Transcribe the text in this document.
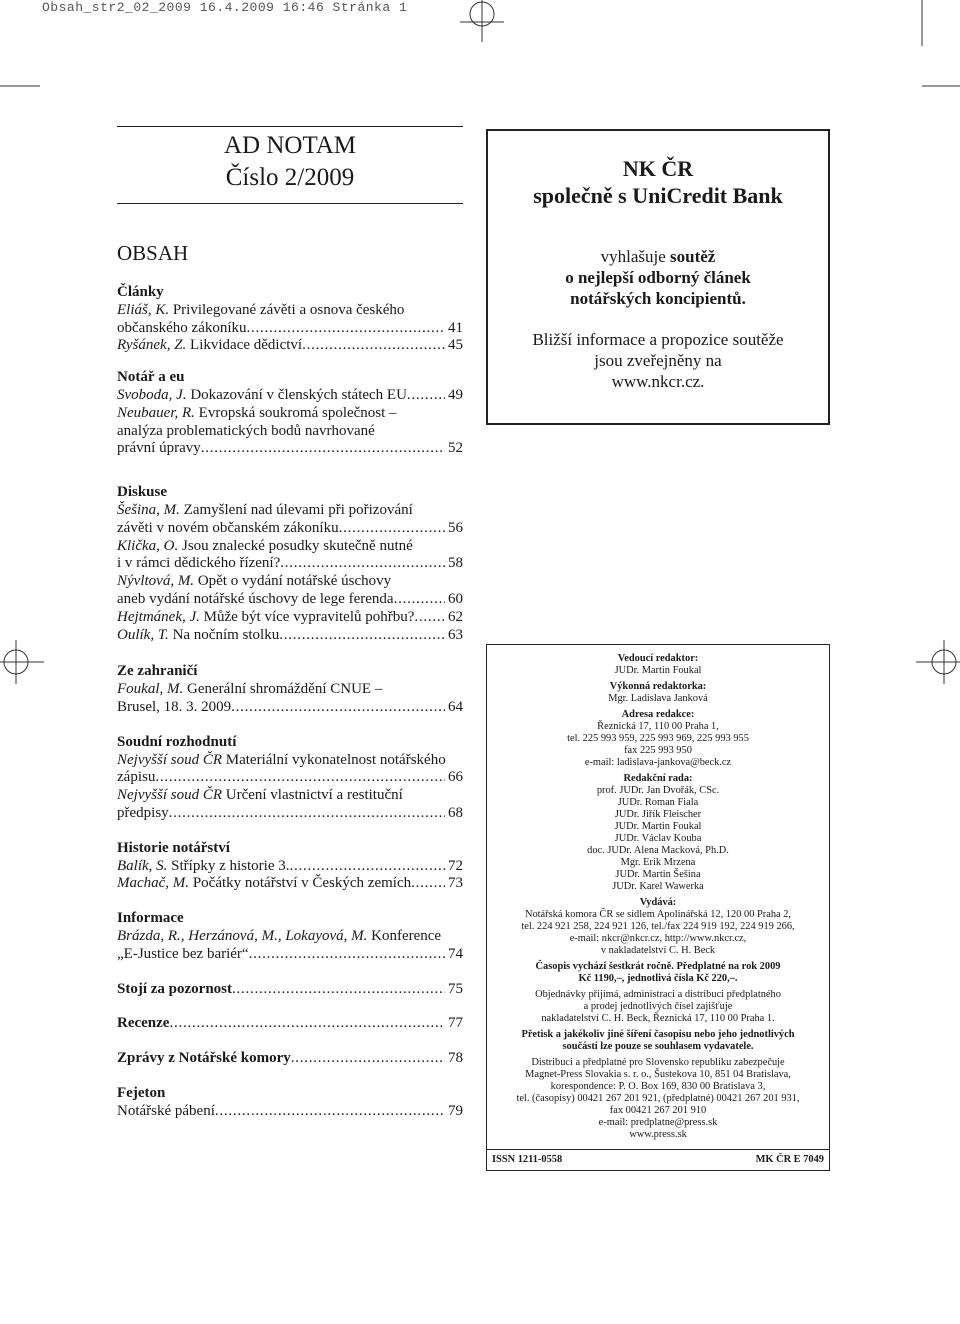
Obsah_str2_02_2009 16.4.2009 16:46 Stránka 1
AD NOTAM
Číslo 2/2009
OBSAH
Články
Eliáš, K. Privilegované závěti a osnova českého
občanského zákoníku . . .	41
Ryšánek, Z. Likvidace dědictví . . .	45
Notář a eu
Svoboda, J. Dokazování v členských státech EU . . .	49
Neubauer, R. Evropská soukromá společnost –
analýza problematických bodů navrhované
právní úpravy . . .	52
Diskuse
Šešina, M. Zamyšlení nad úlevami při pořizování
závěti v novém občanském zákoníku . . .	56
Klička, O. Jsou znalecké posudky skutečně nutné
i v rámci dědického řízení? . . .	58
Nývltová, M. Opět o vydání notářské úschovy
aneb vydání notářské úschovy de lege ferenda . . .	60
Hejtmánek, J. Může být více vypravitelů pohřbu? . . . 62
Oulík, T. Na nočním stolku . . .	63
Ze zahraničí
Foukal, M. Generální shromáždění CNUE –
Brusel, 18. 3. 2009 . . .	64
Soudní rozhodnutí
Nejvyšší soud ČR Materiální vykonatelnost notářského
zápisu . . .	66
Nejvyšší soud ČR Určení vlastnictví a restituční
předpisy . . .	68
Historie notářství
Balík, S. Střípky z historie 3. . . .	72
Machač, M. Počátky notářství v Českých zemích . . . 73
Informace
Brázda, R., Herzánová, M., Lokayová, M. Konference
„E-Justice bez bariér“ . . .	74
Stojí za pozornost . . .	75
Recenze . . .	77
Zprávy z Notářské komory . . .	78
Fejeton
Notářské pábení . . .	79
NK ČR
společně s UniCredit Bank
vyhlašuje soutěž
o nejlepší odborný článek
notářských koncipientů.
Bližší informace a propozice soutěže
jsou zveřejněny na
www.nkcr.cz.
Vedoucí redaktor:
JUDr. Martin Foukal
Výkonná redaktorka:
Mgr. Ladislava Janková
Adresa redakce:
Řeznická 17, 110 00 Praha 1,
tel. 225 993 959, 225 993 969, 225 993 955
fax 225 993 950
e-mail: ladislava-jankova@beck.cz
Redakční rada:
prof. JUDr. Jan Dvořák, CSc.
JUDr. Roman Fiala
JUDr. Jiřík Fleischer
JUDr. Martin Foukal
JUDr. Václav Kouba
doc. JUDr. Alena Macková, Ph.D.
Mgr. Erik Mrzena
JUDr. Martin Šešina
JUDr. Karel Wawerka
Vydává:
Notářská komora ČR se sídlem Apolinářská 12, 120 00 Praha 2,
tel. 224 921 258, 224 921 126, tel./fax 224 919 192, 224 919 266,
e-mail: nkcr@nkcr.cz, http://www.nkcr.cz,
v nakladatelství C. H. Beck
Časopis vychází šestkrát ročně. Předplatné na rok 2009
Kč 1190,–, jednotlivá čísla Kč 220,–.
Objednávky přijímá, administraci a distribuci předplatného
a prodej jednotlivých čísel zajišťuje
nakladatelství C. H. Beck, Řeznická 17, 110 00 Praha 1.
Přetisk a jakékoliv jiné šíření časopisu nebo jeho jednotlivých
součástí lze pouze se souhlasem vydavatele.
Distribuci a předplatné pro Slovensko republiku zabezpečuje
Magnet-Press Slovakia s. r. o., Šustekova 10, 851 04 Bratislava,
korespondence: P. O. Box 169, 830 00 Bratislava 3,
tel. (časopisy) 00421 267 201 921, (předplatné) 00421 267 201 931,
fax 00421 267 201 910
e-mail: predplatne@press.sk
www.press.sk
ISSN 1211-0558	MK ČR E 7049
